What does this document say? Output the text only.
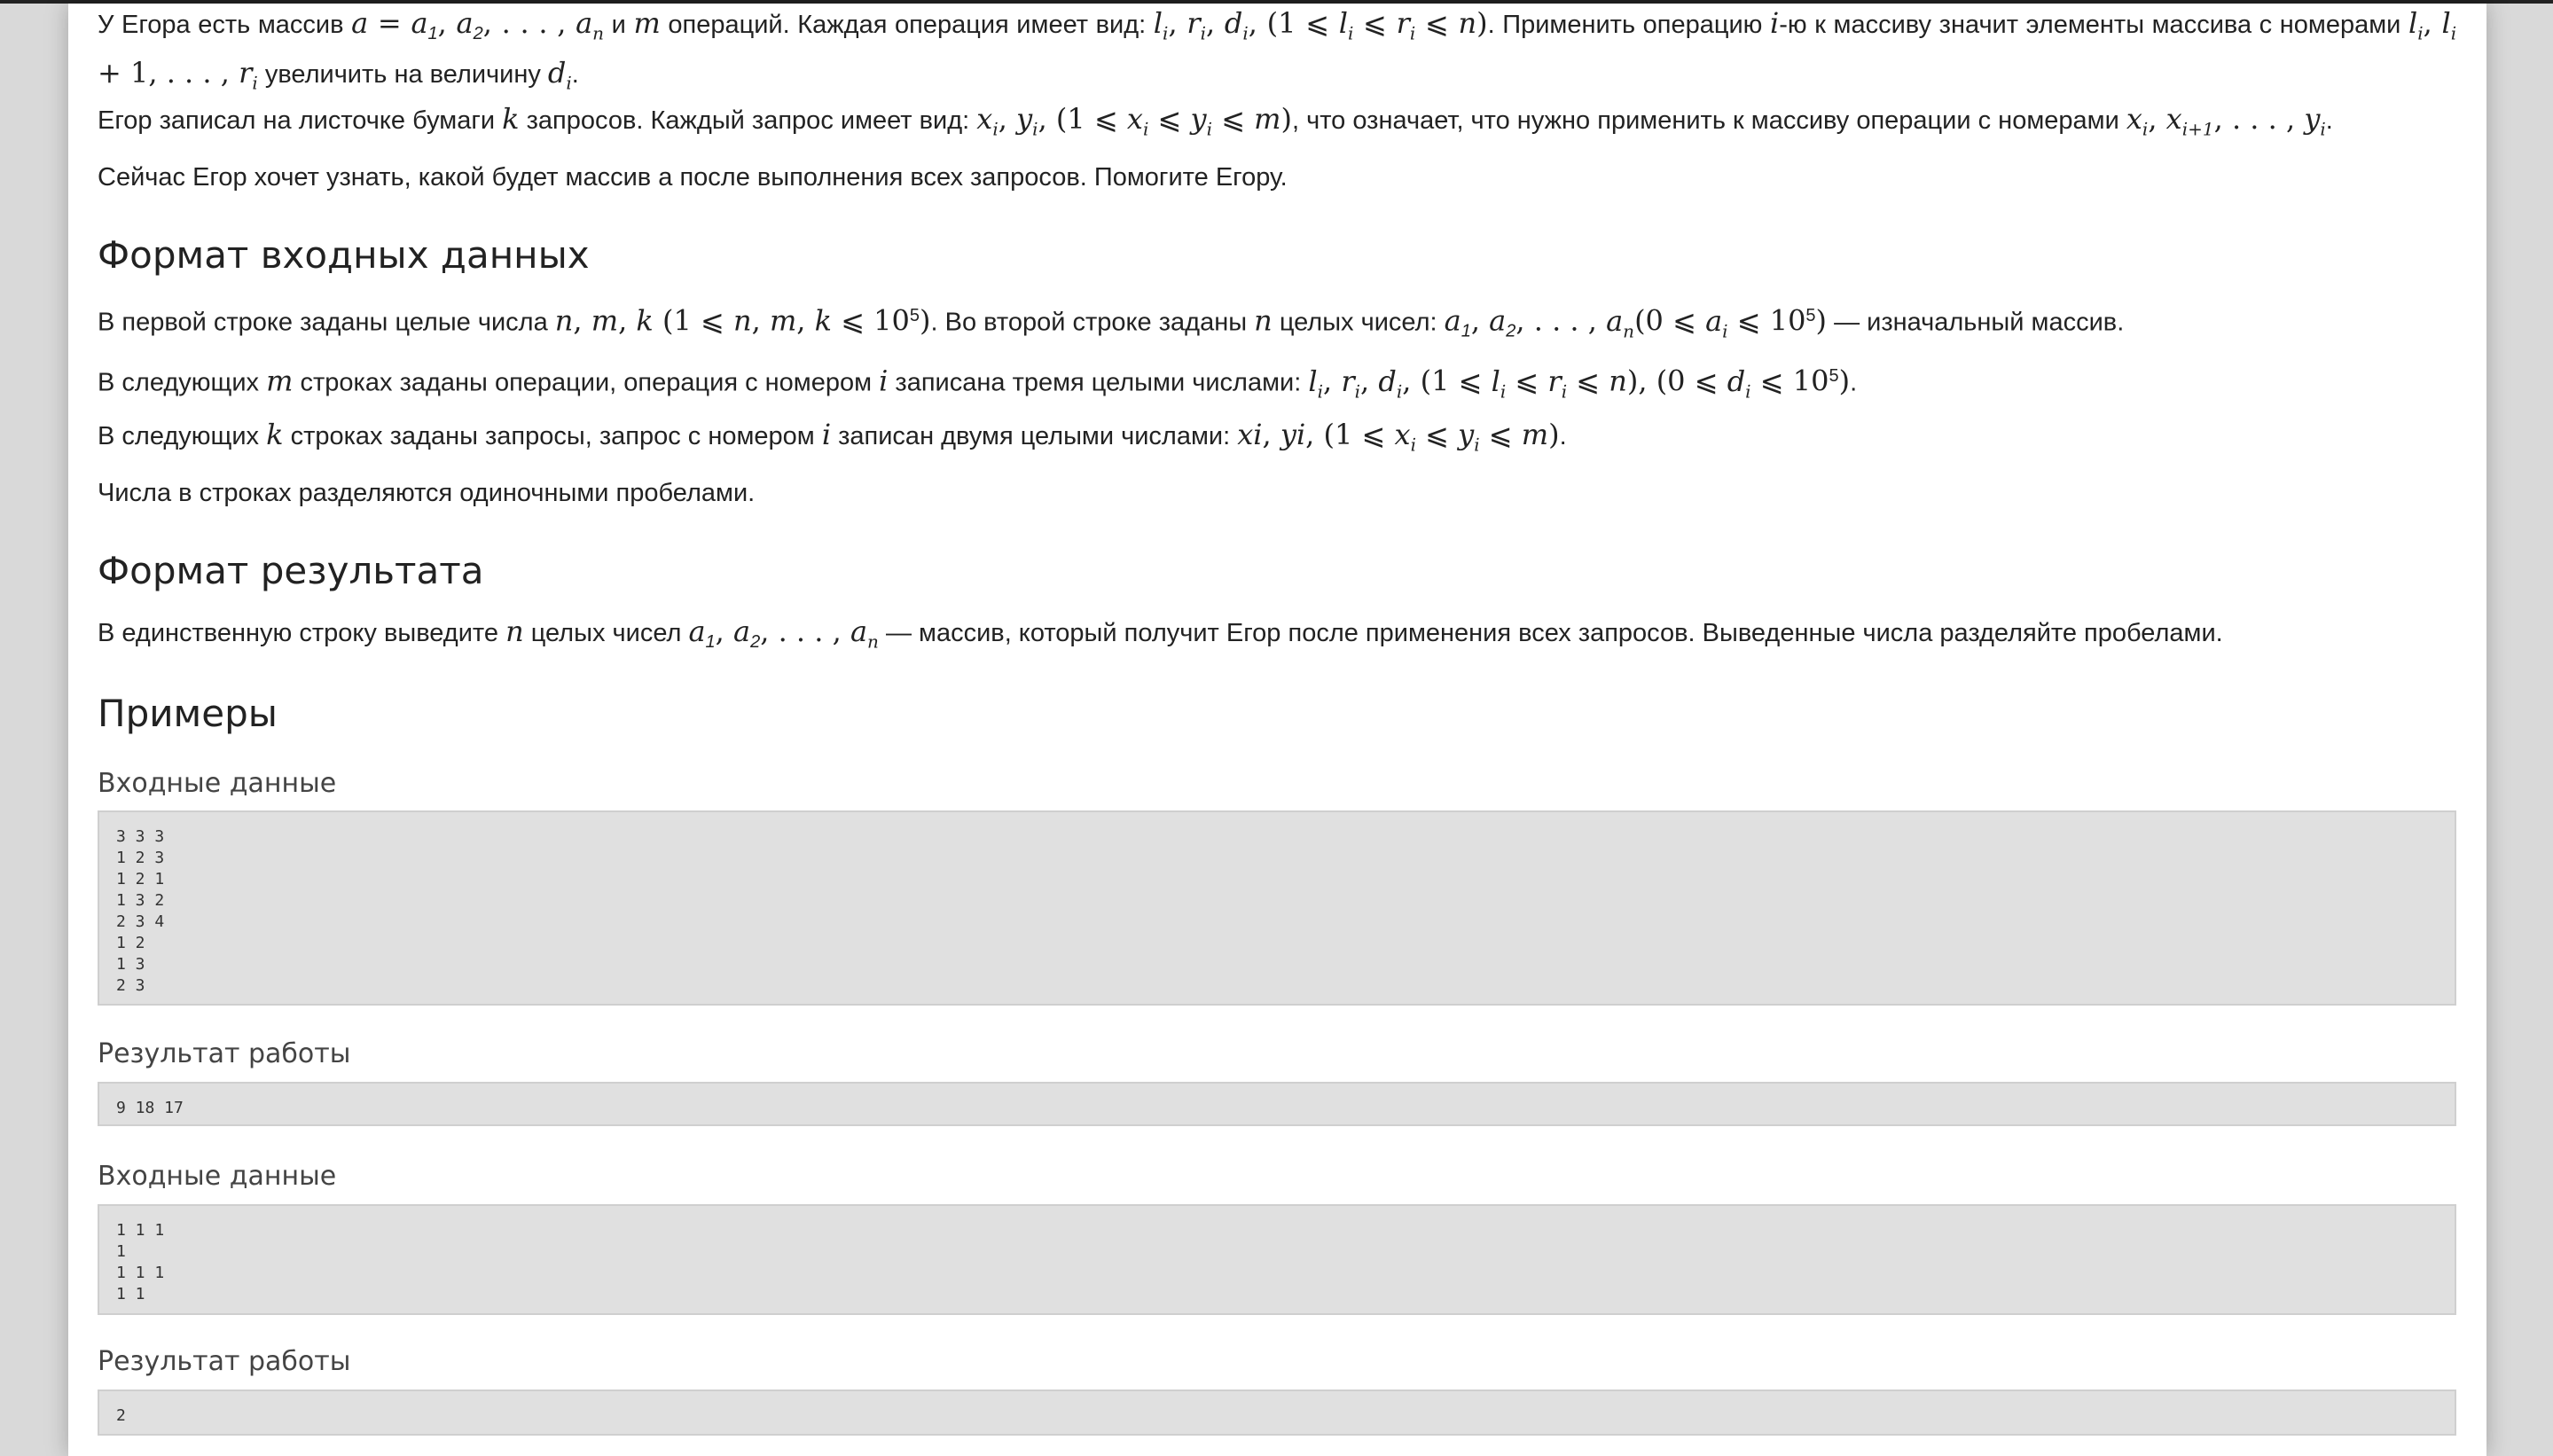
У Егора есть массив $a = a_1$, $a_2$, . . . , $a_n$ и m операций. Каждая операция имеет вид: $l_i$, $r_i$, $d_i$, (1 ⩽ $l_i$ ⩽ $r_i$ ⩽ n). Применить операцию i-ю к массиву значит элементы массива с номерами $l_i$, $l_i + 1$, . . . , $r_i$ увеличить на величину $d_i$.

Егор записал на листочке бумаги k запросов. Каждый запрос имеет вид: $x_i$, $y_i$, (1 ⩽ $x_i$ ⩽ $y_i$ ⩽ m), что означает, что нужно применить к массиву операции с номерами $x_i$, $x_{i+1}$, . . . , $y_i$.

Сейчас Егор хочет узнать, какой будет массив а после выполнения всех запросов. Помогите Егору.

Формат входных данных

В первой строке заданы целые числа n, m, k (1 ⩽ n, m, k ⩽ $10^5$). Во второй строке заданы n целых чисел: $a_1$, $a_2$, . . . , $a_n(0$ ⩽ $a_i$ ⩽ $10^5$) — изначальный массив.

В следующих m строках заданы операции, операция с номером i записана тремя целыми числами: $l_i$, $r_i$, $d_i$, (1 ⩽ $l_i$ ⩽ $r_i$ ⩽ n), (0 ⩽ $d_i$ ⩽ $10^5$).

В следующих k строках заданы запросы, запрос с номером i записан двумя целыми числами: xi, yi, (1 ⩽ $x_i$ ⩽ $y_i$ ⩽ m).

Числа в строках разделяются одиночными пробелами.

Формат результата

В единственную строку выведите n целых чисел $a_1$, $a_2$, . . . , $a_n$ — массив, который получит Егор после применения всех запросов. Выведенные числа разделяйте пробелами.

Примеры
Входные данные
3 3 3
1 2 3
1 2 1
1 3 2
2 3 4
1 2
1 3
2 3
Результат работы
9 18 17
Входные данные
1 1 1
1
1 1 1
1 1
Результат работы
2
